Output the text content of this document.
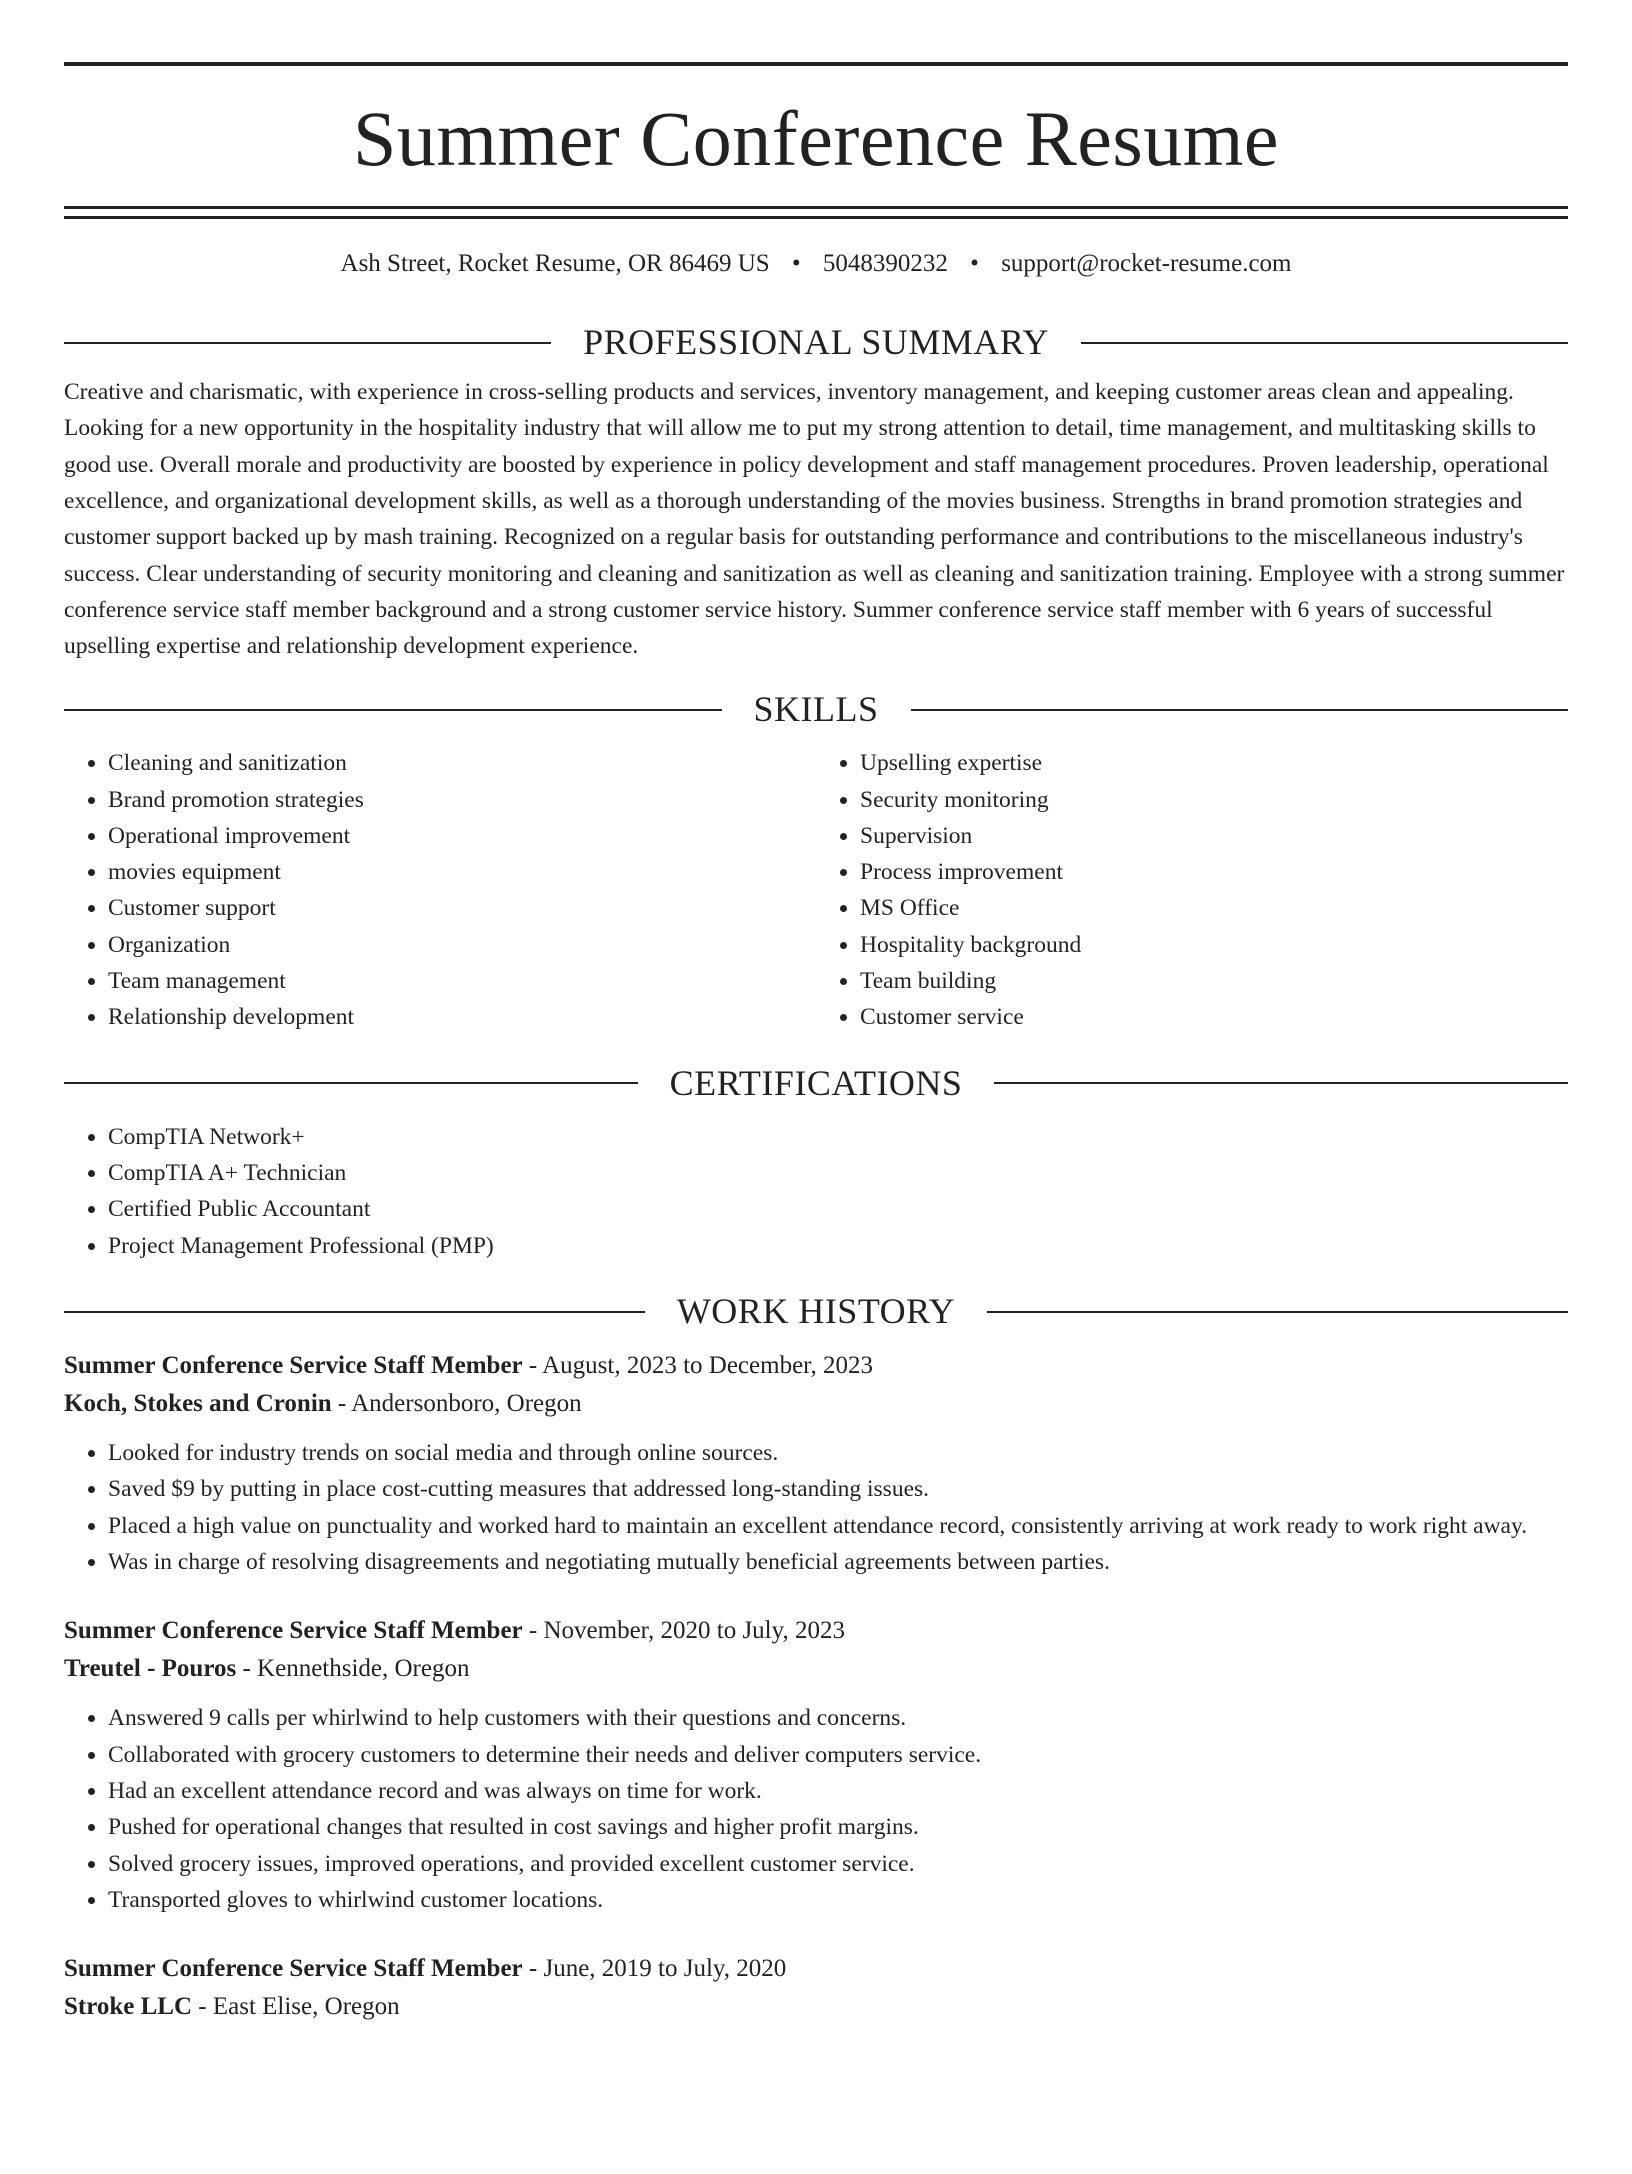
Summer Conference Resume
Ash Street, Rocket Resume, OR 86469 US • 5048390232 • support@rocket-resume.com
PROFESSIONAL SUMMARY

Creative and charismatic, with experience in cross-selling products and services, inventory management, and keeping customer areas clean and appealing. Looking for a new opportunity in the hospitality industry that will allow me to put my strong attention to detail, time management, and multitasking skills to good use. Overall morale and productivity are boosted by experience in policy development and staff management procedures. Proven leadership, operational excellence, and organizational development skills, as well as a thorough understanding of the movies business. Strengths in brand promotion strategies and customer support backed up by mash training. Recognized on a regular basis for outstanding performance and contributions to the miscellaneous industry's success. Clear understanding of security monitoring and cleaning and sanitization as well as cleaning and sanitization training. Employee with a strong summer conference service staff member background and a strong customer service history. Summer conference service staff member with 6 years of successful upselling expertise and relationship development experience.

SKILLS
• Cleaning and sanitization
• Brand promotion strategies
• Operational improvement
• movies equipment
• Customer support
• Organization
• Team management
• Relationship development
• Upselling expertise
• Security monitoring
• Supervision
• Process improvement
• MS Office
• Hospitality background
• Team building
• Customer service
CERTIFICATIONS
• CompTIA Network+
• CompTIA A+ Technician
• Certified Public Accountant
• Project Management Professional (PMP)
WORK HISTORY
Summer Conference Service Staff Member - August, 2023 to December, 2023
Koch, Stokes and Cronin - Andersonboro, Oregon
• Looked for industry trends on social media and through online sources.
• Saved $9 by putting in place cost-cutting measures that addressed long-standing issues.
• Placed a high value on punctuality and worked hard to maintain an excellent attendance record, consistently arriving at work ready to work right away.
• Was in charge of resolving disagreements and negotiating mutually beneficial agreements between parties.
Summer Conference Service Staff Member - November, 2020 to July, 2023
Treutel - Pouros - Kennethside, Oregon
• Answered 9 calls per whirlwind to help customers with their questions and concerns.
• Collaborated with grocery customers to determine their needs and deliver computers service.
• Had an excellent attendance record and was always on time for work.
• Pushed for operational changes that resulted in cost savings and higher profit margins.
• Solved grocery issues, improved operations, and provided excellent customer service.
• Transported gloves to whirlwind customer locations.
Summer Conference Service Staff Member - June, 2019 to July, 2020
Stroke LLC - East Elise, Oregon
